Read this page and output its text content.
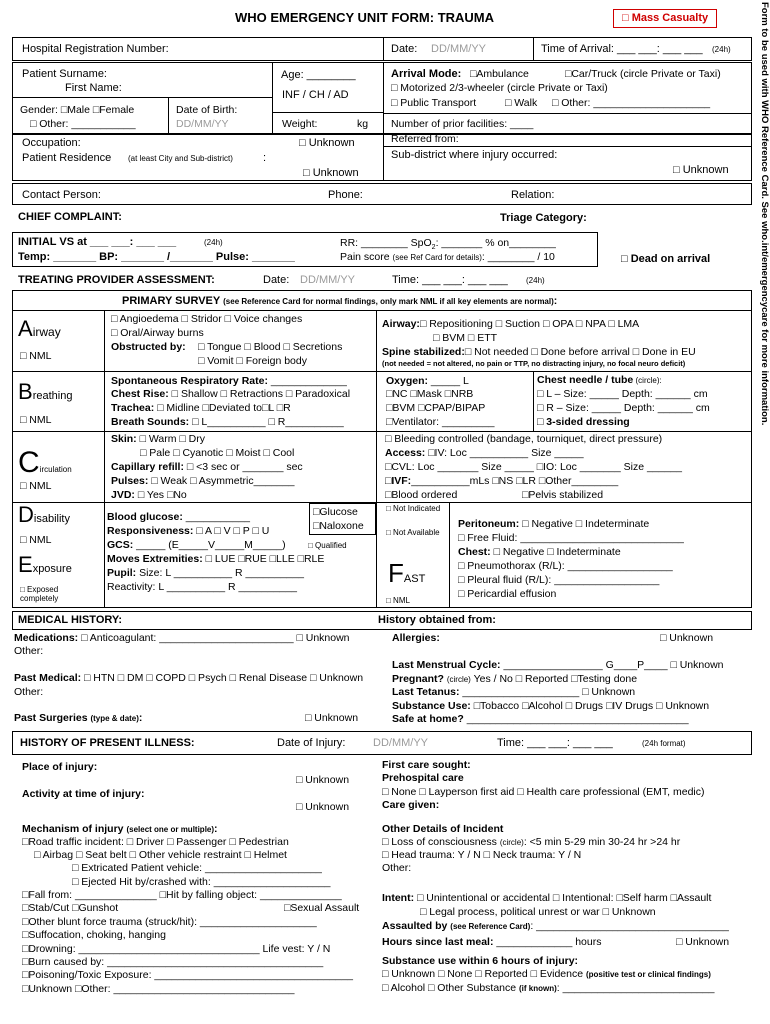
WHO EMERGENCY UNIT FORM: TRAUMA	□ Mass Casualty	Form to be used with WHO Reference Card. See who.int/emergencycare for more information.
Hospital Registration Number:	Date: DD/MM/YY	Time of Arrival: ___ ___: ___ ___ (24h)
Patient Surname:
First Name:
Gender: □Male □Female
□ Other: ___________
Date of Birth:
DD/MM/YY
Age: ________
INF / CH / AD
Weight:	kg
Arrival Mode: □Ambulance	□Car/Truck (circle Private or Taxi)
□ Motorized 2/3-wheeler (circle Private or Taxi)
□ Public Transport	□ Walk □ Other: ____________________
Number of prior facilities: ____
Referred from:
Occupation:	□ Unknown
Patient Residence (at least City and Sub-district)	:
□ Unknown
Sub-district where injury occurred:
□ Unknown
Contact Person:	Phone:	Relation:
CHIEF COMPLAINT:	Triage Category:
INITIAL VS at ___ ___: ___ ___	(24h)	RR: ________ SpO$_2$: _______ % on________
Temp: _______ BP: _______ /_______ Pulse: _______	Pain score (see Ref Card for details): ________ / 10	□ Dead on arrival
TREATING PROVIDER ASSESSMENT:	Date: DD/MM/YY	Time: ___ ___: ___ ___ (24h)
PRIMARY SURVEY (see Reference Card for normal findings, only mark NML if all key elements are normal):
Airway
□ NML
□ Angioedema □ Stridor □ Voice changes
□ Oral/Airway burns
Obstructed by: □ Tongue □ Blood □ Secretions
□ Vomit □ Foreign body
Airway:□ Repositioning □ Suction □ OPA □ NPA □ LMA
□ BVM □ ETT
Spine stabilized:□ Not needed □ Done before arrival □ Done in EU
(not needed = not altered, no pain or TTP, no distracting injury, no focal neuro deficit)
Breathing
□ NML
Spontaneous Respiratory Rate: _____________
Chest Rise: □ Shallow □ Retractions □ Paradoxical
Trachea: □ Midline □Deviated to□L □R
Breath Sounds: □ L__________ □ R__________
Oxygen: _____ L
□NC □Mask □NRB
□BVM □CPAP/BIPAP
□Ventilator: _________
Chest needle / tube (circle):
□ L – Size: _____ Depth: ______ cm
□ R – Size: _____ Depth: ______ cm
□ 3-sided dressing
Circulation
□ NML
Skin: □ Warm □ Dry
□ Pale □ Cyanotic □ Moist □ Cool
Capillary refill: □ <3 sec or _______ sec
Pulses: □ Weak □ Asymmetric_______
JVD: □ Yes □No
□ Bleeding controlled (bandage, tourniquet, direct pressure)
Access: □IV: Loc __________ Size _____
□CVL: Loc _______ Size _____ □IO: Loc _______ Size ______
□IVF:__________mLs □NS □LR □Other________
□Blood ordered	□Pelvis stabilized
Disability
□ NML
Exposure
□ Exposed completely
Blood glucose: ___________
Responsiveness: □ A □ V □ P □ U
GCS: _____ (E_____V_____M_____)	□ Qualified
Moves Extremities: □ LUE □RUE □LLE □RLE
Pupil: Size: L __________ R __________
Reactivity: L __________ R __________
□Glucose
□Naloxone
□ Not Indicated
□ Not Available
FAST
□ NML
Peritoneum: □ Negative □ Indeterminate
□ Free Fluid: ____________________________
Chest: □ Negative □ Indeterminate
□ Pneumothorax (R/L): __________________
□ Pleural fluid (R/L): __________________
□ Pericardial effusion
MEDICAL HISTORY:	History obtained from:
Medications: □ Anticoagulant: _______________________ □ Unknown
Other:
Allergies:	□ Unknown
Past Medical: □ HTN □ DM □ COPD □ Psych □ Renal Disease □ Unknown
Other:
Past Surgeries (type & date):	□ Unknown
Last Menstrual Cycle: _________________ G____P____ □ Unknown
Pregnant? (circle) Yes / No □ Reported □Testing done
Last Tetanus: ____________________ □ Unknown
Substance Use: □Tobacco □Alcohol □ Drugs □IV Drugs □ Unknown
Safe at home? ______________________________________
HISTORY OF PRESENT ILLNESS:	Date of Injury:	DD/MM/YY	Time: ___ ___: ___ ___	(24h format)
Place of injury:
□ Unknown
Activity at time of injury:
□ Unknown
Mechanism of injury (select one or multiple):
□Road traffic incident: □ Driver □ Passenger □ Pedestrian
□ Airbag □ Seat belt □ Other vehicle restraint □ Helmet
□ Extricated Patient vehicle: ____________________
□ Ejected Hit by/crashed with: ____________________
□Fall from: ______________ □Hit by falling object: ______________
□Stab/Cut □Gunshot	□Sexual Assault
□Other blunt force trauma (struck/hit): ____________________
□Suffocation, choking, hanging
□Drowning: _______________________________ Life vest: Y / N
□Burn caused by: _____________________________________
□Poisoning/Toxic Exposure: __________________________________
□Unknown □Other: _______________________________
First care sought:
Prehospital care
□ None □ Layperson first aid □ Health care professional (EMT, medic)
Care given:
Other Details of Incident
□ Loss of consciousness (circle): <5 min 5-29 min 30-24 hr >24 hr
□ Head trauma: Y / N □ Neck trauma: Y / N
Other:
Intent: □ Unintentional or accidental □ Intentional: □Self harm □Assault
□ Legal process, political unrest or war □ Unknown
Assaulted by (see Reference Card): _________________________________
Hours since last meal: _____________ hours	□ Unknown
Substance use within 6 hours of injury:
□ Unknown □ None □ Reported □ Evidence (positive test or clinical findings)
□ Alcohol □ Other Substance (if known): __________________________
